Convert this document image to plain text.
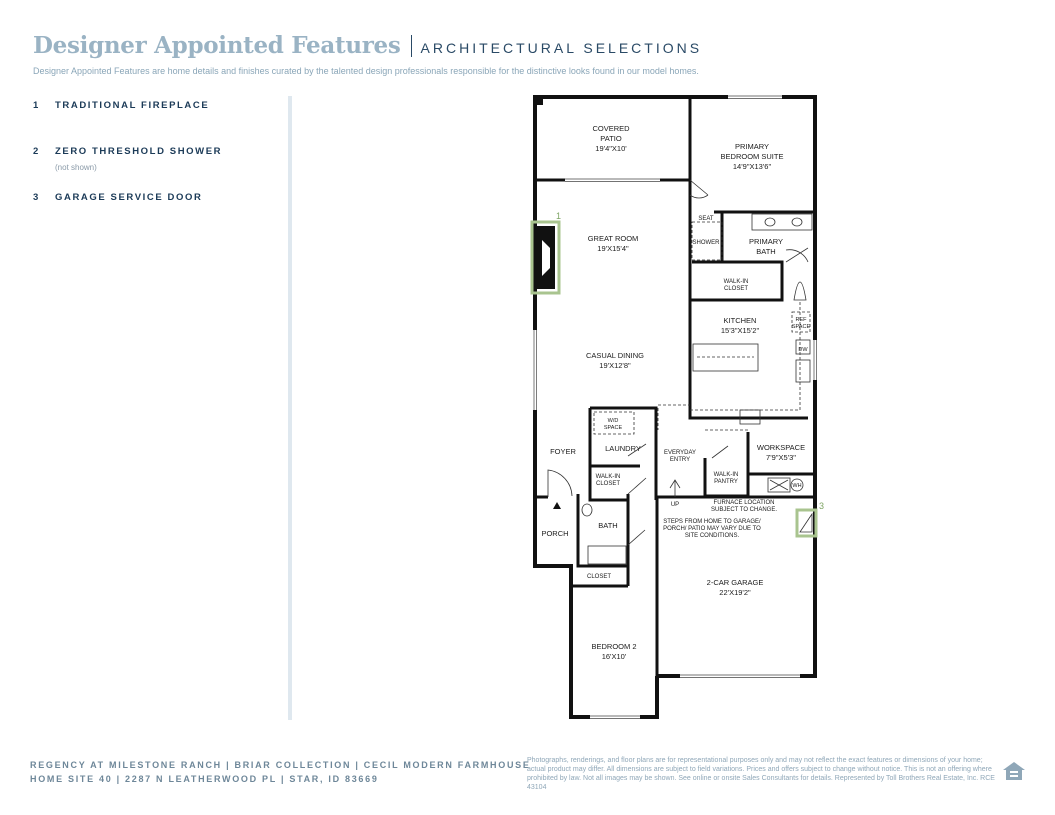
Designer Appointed Features ARCHITECTURAL SELECTIONS
Designer Appointed Features are home details and finishes curated by the talented design professionals responsible for the distinctive looks found in our model homes.
1 TRADITIONAL FIREPLACE
2 ZERO THRESHOLD SHOWER
(not shown)
3 GARAGE SERVICE DOOR
1
3
COVERED
PATIO
19'4"X10'	PRIMARY
BEDROOM SUITE
14'9"X13'6"
GREAT ROOM
19'X15'4"
SEAT
SHOWER	PRIMARY
BATH
WALK-IN
CLOSET
KITCHEN
15'3"X15'2"
REF
SPACE
DW
CASUAL DINING
19'X12'8"
W/D
SPACE
LAUNDRY	EVERYDAY
ENTRY
WORKSPACE
7'9"X5'3"
FOYER
WALK-IN
CLOSET
WALK-IN
PANTRY
WH
UP
PORCH
BATH
CLOSET
2-CAR GARAGE
22'X19'2"
BEDROOM 2
16'X10'
FURNACE LOCATION
SUBJECT TO CHANGE.
STEPS FROM HOME TO GARAGE/
PORCH/ PATIO MAY VARY DUE TO
SITE CONDITIONS.
REGENCY AT MILESTONE RANCH | BRIAR COLLECTION | CECIL MODERN FARMHOUSE
HOME SITE 40 | 2287 N LEATHERWOOD PL | STAR, ID 83669
Photographs, renderings, and floor plans are for representational purposes only and may not reflect the exact features or dimensions of your home; actual product may differ. All dimensions are subject to field variations. Prices and offers subject to change without notice. This is not an offering where prohibited by law. Not all images may be shown. See online or onsite Sales Consultants for details. Represented by Toll Brothers Real Estate, Inc. RCE 43104
